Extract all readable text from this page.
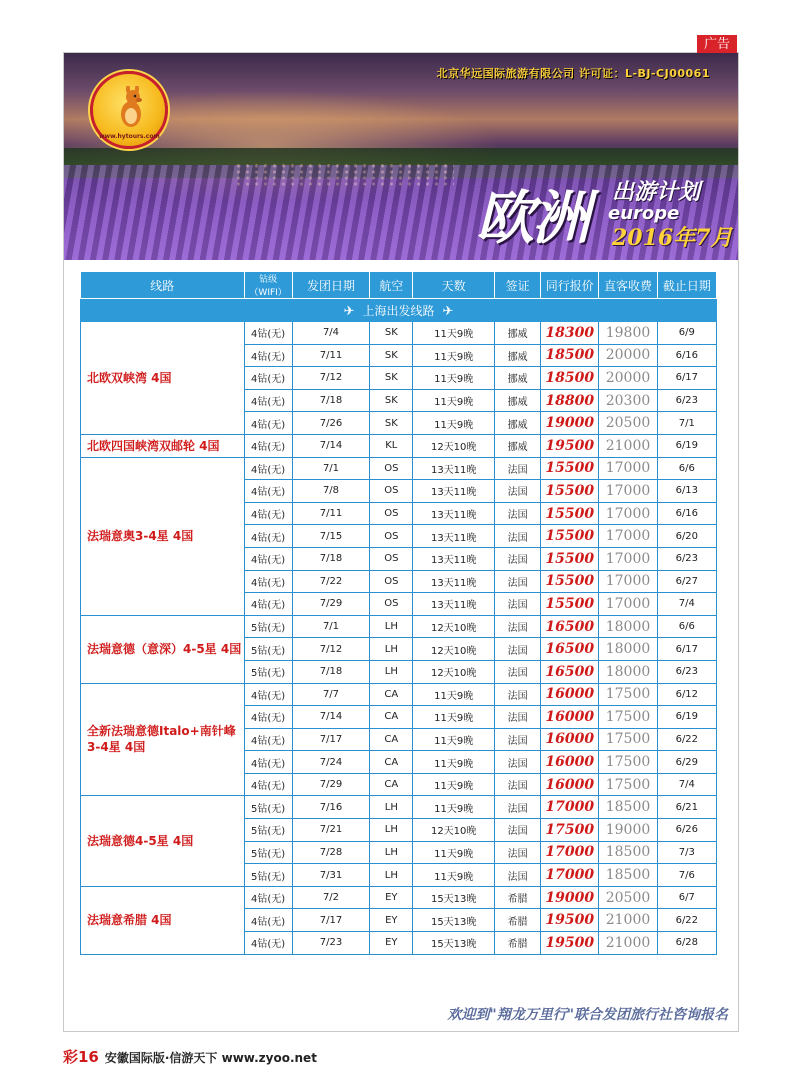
广告
北京华远国际旅游有限公司 许可证：L-BJ-CJ00061
www.hytours.com
欧洲 出游计划
europe
2016年7月
线路	钻级（WIFI）	发团日期	航空	天数	签证	同行报价	直客收费	截止日期
✈ 上海出发线路 ✈								
北欧双峡湾 4国	4钻(无)	7/4	SK	11天9晚	挪威	18300	19800	6/9
	4钻(无)	7/11	SK	11天9晚	挪威	18500	20000	6/16
	4钻(无)	7/12	SK	11天9晚	挪威	18500	20000	6/17
	4钻(无)	7/18	SK	11天9晚	挪威	18800	20300	6/23
	4钻(无)	7/26	SK	11天9晚	挪威	19000	20500	7/1
北欧四国峡湾双邮轮 4国	4钻(无)	7/14	KL	12天10晚	挪威	19500	21000	6/19
法瑞意奥3-4星 4国	4钻(无)	7/1	OS	13天11晚	法国	15500	17000	6/6
	4钻(无)	7/8	OS	13天11晚	法国	15500	17000	6/13
	4钻(无)	7/11	OS	13天11晚	法国	15500	17000	6/16
	4钻(无)	7/15	OS	13天11晚	法国	15500	17000	6/20
	4钻(无)	7/18	OS	13天11晚	法国	15500	17000	6/23
	4钻(无)	7/22	OS	13天11晚	法国	15500	17000	6/27
	4钻(无)	7/29	OS	13天11晚	法国	15500	17000	7/4
法瑞意德（意深）4-5星 4国	5钻(无)	7/1	LH	12天10晚	法国	16500	18000	6/6
	5钻(无)	7/12	LH	12天10晚	法国	16500	18000	6/17
	5钻(无)	7/18	LH	12天10晚	法国	16500	18000	6/23
全新法瑞意德Italo+南针峰3-4星 4国	4钻(无)	7/7	CA	11天9晚	法国	16000	17500	6/12
	4钻(无)	7/14	CA	11天9晚	法国	16000	17500	6/19
	4钻(无)	7/17	CA	11天9晚	法国	16000	17500	6/22
	4钻(无)	7/24	CA	11天9晚	法国	16000	17500	6/29
	4钻(无)	7/29	CA	11天9晚	法国	16000	17500	7/4
法瑞意德4-5星 4国	5钻(无)	7/16	LH	11天9晚	法国	17000	18500	6/21
	5钻(无)	7/21	LH	12天10晚	法国	17500	19000	6/26
	5钻(无)	7/28	LH	11天9晚	法国	17000	18500	7/3
	5钻(无)	7/31	LH	11天9晚	法国	17000	18500	7/6
法瑞意希腊 4国	4钻(无)	7/2	EY	15天13晚	希腊	19000	20500	6/7
	4钻(无)	7/17	EY	15天13晚	希腊	19500	21000	6/22
	4钻(无)	7/23	EY	15天13晚	希腊	19500	21000	6/28
欢迎到"翔龙万里行"联合发团旅行社咨询报名
彩16 安徽国际版·信游天下 www.zyoo.net
